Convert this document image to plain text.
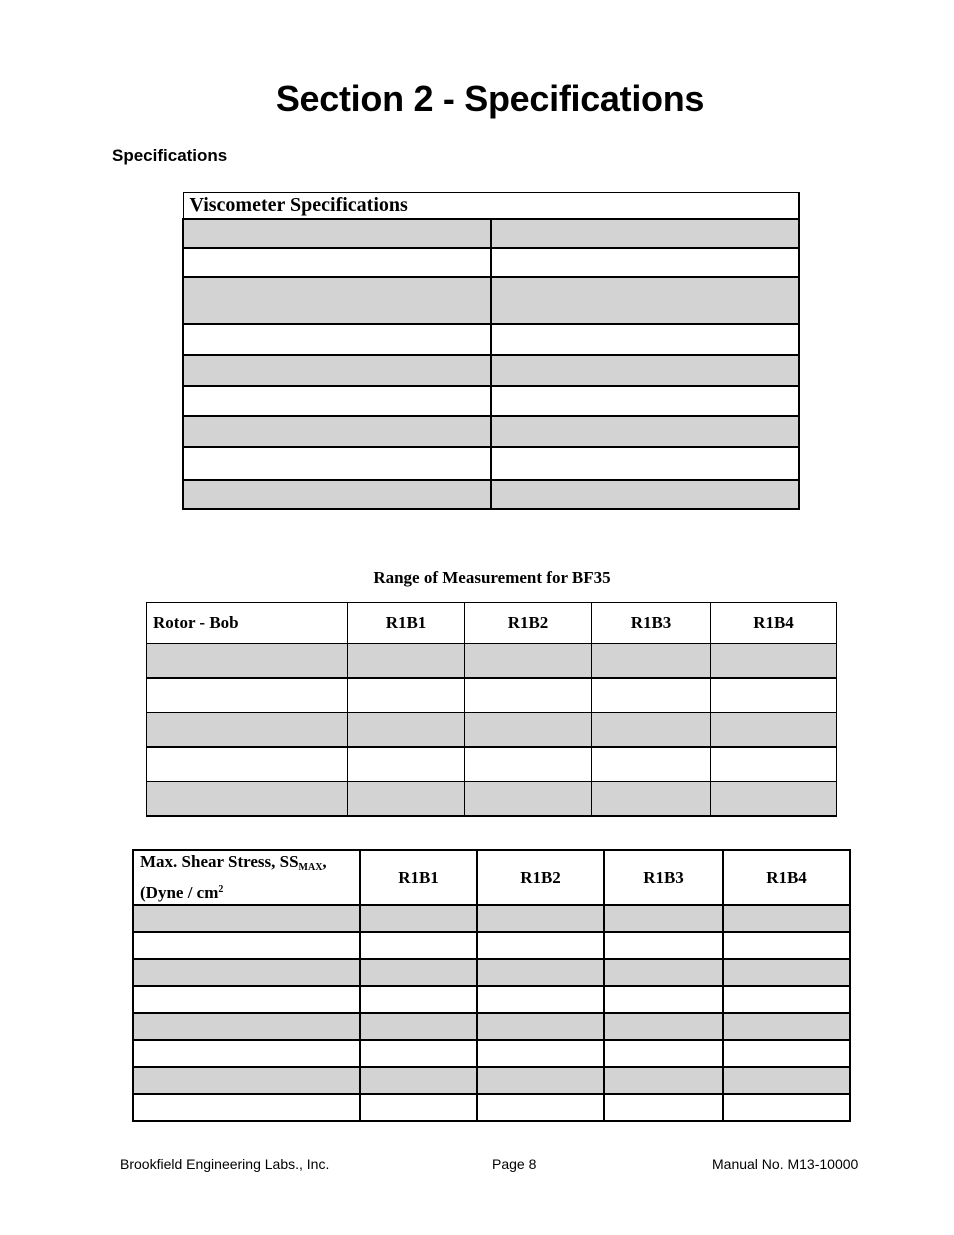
Section 2 - Specifications
Specifications
Viscometer Specifications	

Range of Measurement for BF35
Rotor - Bob	R1B1	R1B2	R1B3	R1B4

Max. Shear Stress, $SS_{MAX}$,
(Dyne / $cm^2$	R1B1	R1B2	R1B3	R1B4

Brookfield Engineering Labs., Inc.	Page 8	Manual No. M13-10000
